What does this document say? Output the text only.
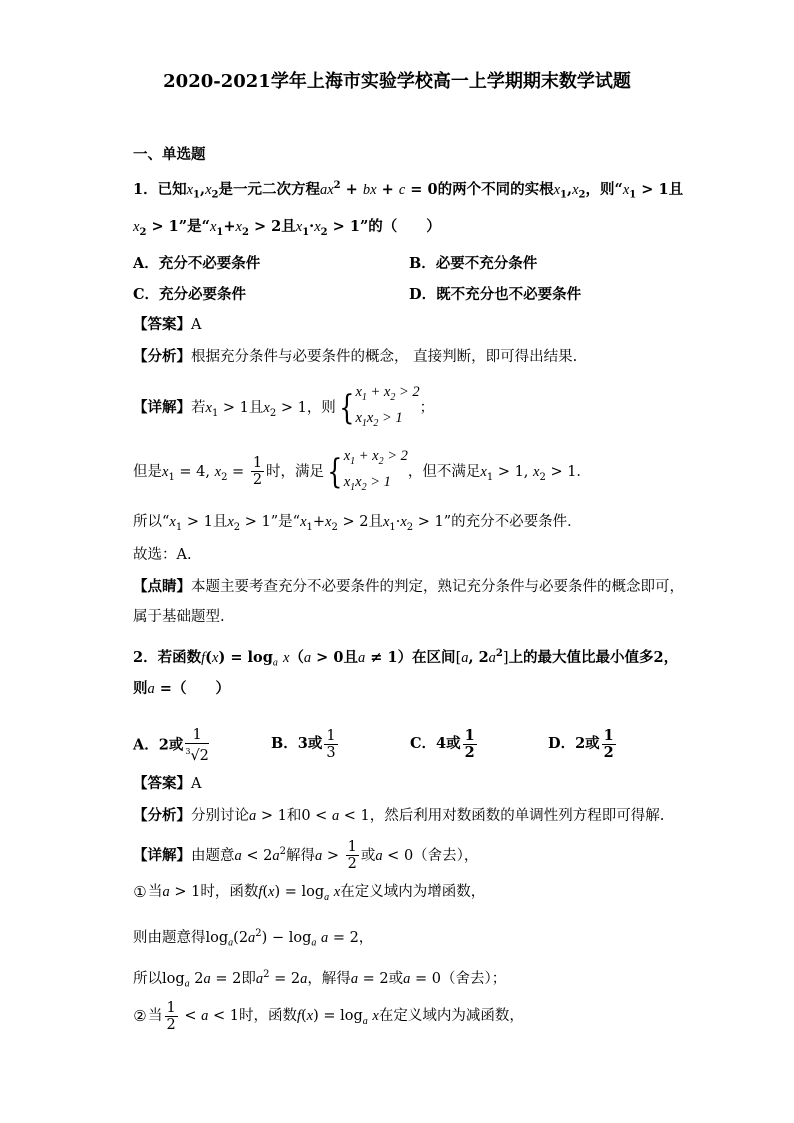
2020-2021学年上海市实验学校高一上学期期末数学试题
一、单选题
1．已知$x_1,x_2$是一元二次方程$ax^2$ + bx + c = 0的两个不同的实根$x_1,x_2$，则“$x_1 > 1$且
$x_2 > 1$”是“$x_1+x_2 > 2$且$x_1\cdot x_2 > 1$”的（　　）
A．充分不必要条件	B．必要不充分条件
C．充分必要条件	D．既不充分也不必要条件
【答案】A
【分析】根据充分条件与必要条件的概念， 直接判断，即可得出结果.
【详解】若$x_1 > 1$且$x_2 > 1$，则{ $x_1 + x_2 > 2$
$x_1x_2 > 1$
；
但是$x_1 = 4$, $x_2 = \frac{1}{2}$ 时，满足{ $x_1 + x_2 > 2$
$x_1x_2 > 1$
，但不满足$x_1 > 1$, $x_2 > 1$．
所以“$x_1 > 1$且$x_2 > 1$”是“$x_1+x_2 > 2$且$x_1\cdot x_2 > 1$”的充分不必要条件．
故选：A.
【点睛】本题主要考查充分不必要条件的判定，熟记充分条件与必要条件的概念即可，
属于基础题型.
2．若函数$f(x) = \log_a x(a > 0$且a ≠ 1）在区间[a, $2a^2$]上的最大值比最小值多2，
则a =（　　）
A．2或 $\frac{1}{^3√2}$	B．3或 $\frac{1}{3}$	C．4或 $\frac{1}{2}$	D．2或 $\frac{1}{2}$
【答案】A
【分析】分别讨论a > 1和0 < a < 1，然后利用对数函数的单调性列方程即可得解.
【详解】由题意$a < 2a^2$解得$a > \frac{1}{2}$ 或a < 0（舍去），
①当a > 1时，函数$f(x) = \log_a x$在定义域内为增函数，
则由题意得$\log_a(2a^2) - \log_a a = 2$，
所以$\log_a 2a = 2$即$a^2 = 2a$，解得a = 2或a = 0（舍去）；
②当 $\frac{1}{2} < a < 1$时，函数$f(x) = \log_a x$在定义域内为减函数，
